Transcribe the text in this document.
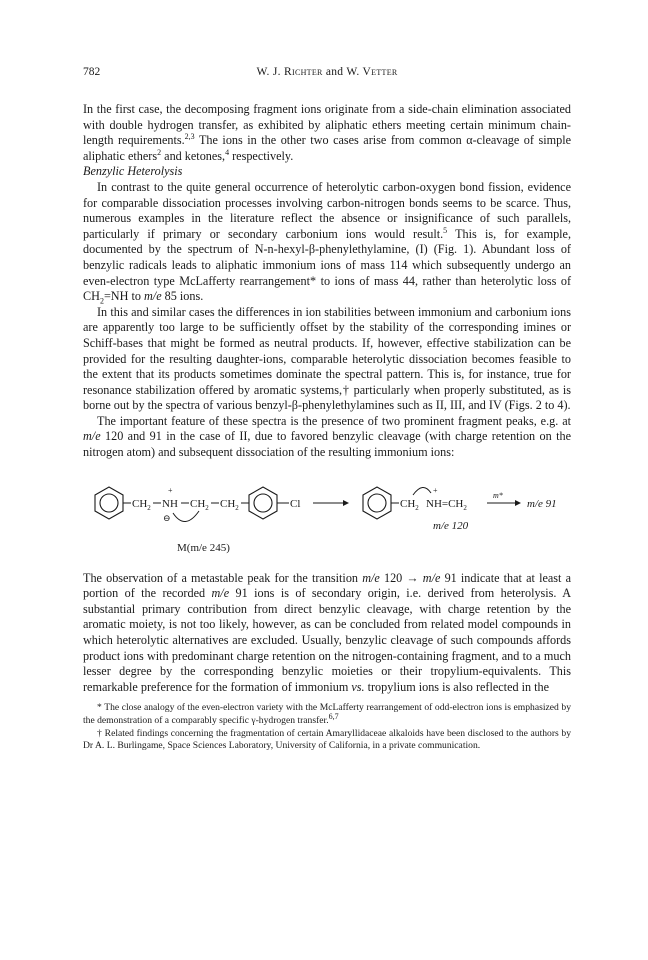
782	W. J. Richter and W. Vetter

In the first case, the decomposing fragment ions originate from a side-chain elimination associated with double hydrogen transfer, as exhibited by aliphatic ethers meeting certain minimum chain-length requirements.$^{2,3}$ The ions in the other two cases arise from common α-cleavage of simple aliphatic ethers$^2$ and ketones,$^4$ respectively.

Benzylic Heterolysis

In contrast to the quite general occurrence of heterolytic carbon-oxygen bond fission, evidence for comparable dissociation processes involving carbon-nitrogen bonds seems to be scarce. Thus, numerous examples in the literature reflect the absence or insignificance of such parallels, particularly if primary or secondary carbonium ions would result.$^5$ This is, for example, documented by the spectrum of N-n-hexyl-β-phenylethylamine, (I) (Fig. 1). Abundant loss of benzylic radicals leads to aliphatic immonium ions of mass 114 which subsequently undergo an even-electron type McLafferty rearrangement* to ions of mass 44, rather than heterolytic loss of $CH_2=NH$ to m/e 85 ions.

In this and similar cases the differences in ion stabilities between immonium and carbonium ions are apparently too large to be sufficiently offset by the stability of the corresponding imines or Schiff-bases that might be formed as neutral products. If, however, effective stabilization can be provided for the resulting daughter-ions, comparable heterolytic dissociation becomes feasible to the extent that its products sometimes dominate the spectral pattern. This is, for instance, true for resonance stabilization offered by aromatic systems,† particularly when properly substituted, as is borne out by the spectra of various benzyl-β-phenylethylamines such as II, III, and IV (Figs. 2 to 4).

The important feature of these spectra is the presence of two prominent fragment peaks, e.g. at m/e 120 and 91 in the case of II, due to favored benzylic cleavage (with charge retention on the nitrogen atom) and subsequent dissociation of the resulting immonium ions:

$CH_2$
+
NH
⊖
$CH_2$ $CH_2$	Cl
M(m/e 245)
$CH_2$
+
$NH=CH_2$
m/e 120
m*
m/e 91

The observation of a metastable peak for the transition m/e 120 → m/e 91 indicate that at least a portion of the recorded m/e 91 ions is of secondary origin, i.e. derived from heterolysis. A substantial primary contribution from direct benzylic cleavage, with charge retention by the aromatic moiety, is not too likely, however, as can be concluded from related model compounds in which heterolytic alternatives are excluded. Usually, benzylic cleavage of such compounds affords product ions with predominant charge retention on the nitrogen-containing fragment, and to a much lesser degree by the corresponding benzylic moieties or their tropylium-equivalents. This remarkable preference for the formation of immonium vs. tropylium ions is also reflected in the

* The close analogy of the even-electron variety with the McLafferty rearrangement of odd-electron ions is emphasized by the demonstration of a comparably specific γ-hydrogen transfer.$^{6,7}$

† Related findings concerning the fragmentation of certain Amaryllidaceae alkaloids have been disclosed to the authors by Dr A. L. Burlingame, Space Sciences Laboratory, University of California, in a private communication.
